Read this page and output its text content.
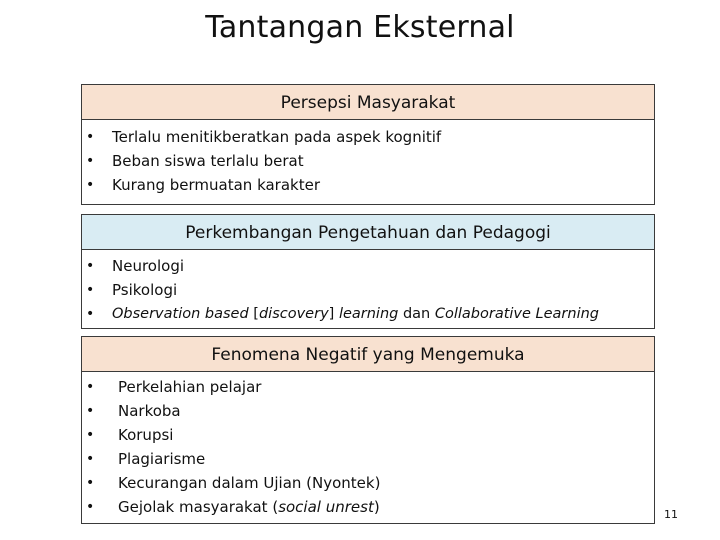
Tantangan Eksternal
Persepsi Masyarakat
• Terlalu menitikberatkan pada aspek kognitif
• Beban siswa terlalu berat
• Kurang bermuatan karakter
Perkembangan Pengetahuan dan Pedagogi
• Neurologi
• Psikologi
• Observation based [discovery] learning dan Collaborative Learning
Fenomena Negatif yang Mengemuka
• Perkelahian pelajar
• Narkoba
• Korupsi
• Plagiarisme
• Kecurangan dalam Ujian (Nyontek)
• Gejolak masyarakat (social unrest)	11
